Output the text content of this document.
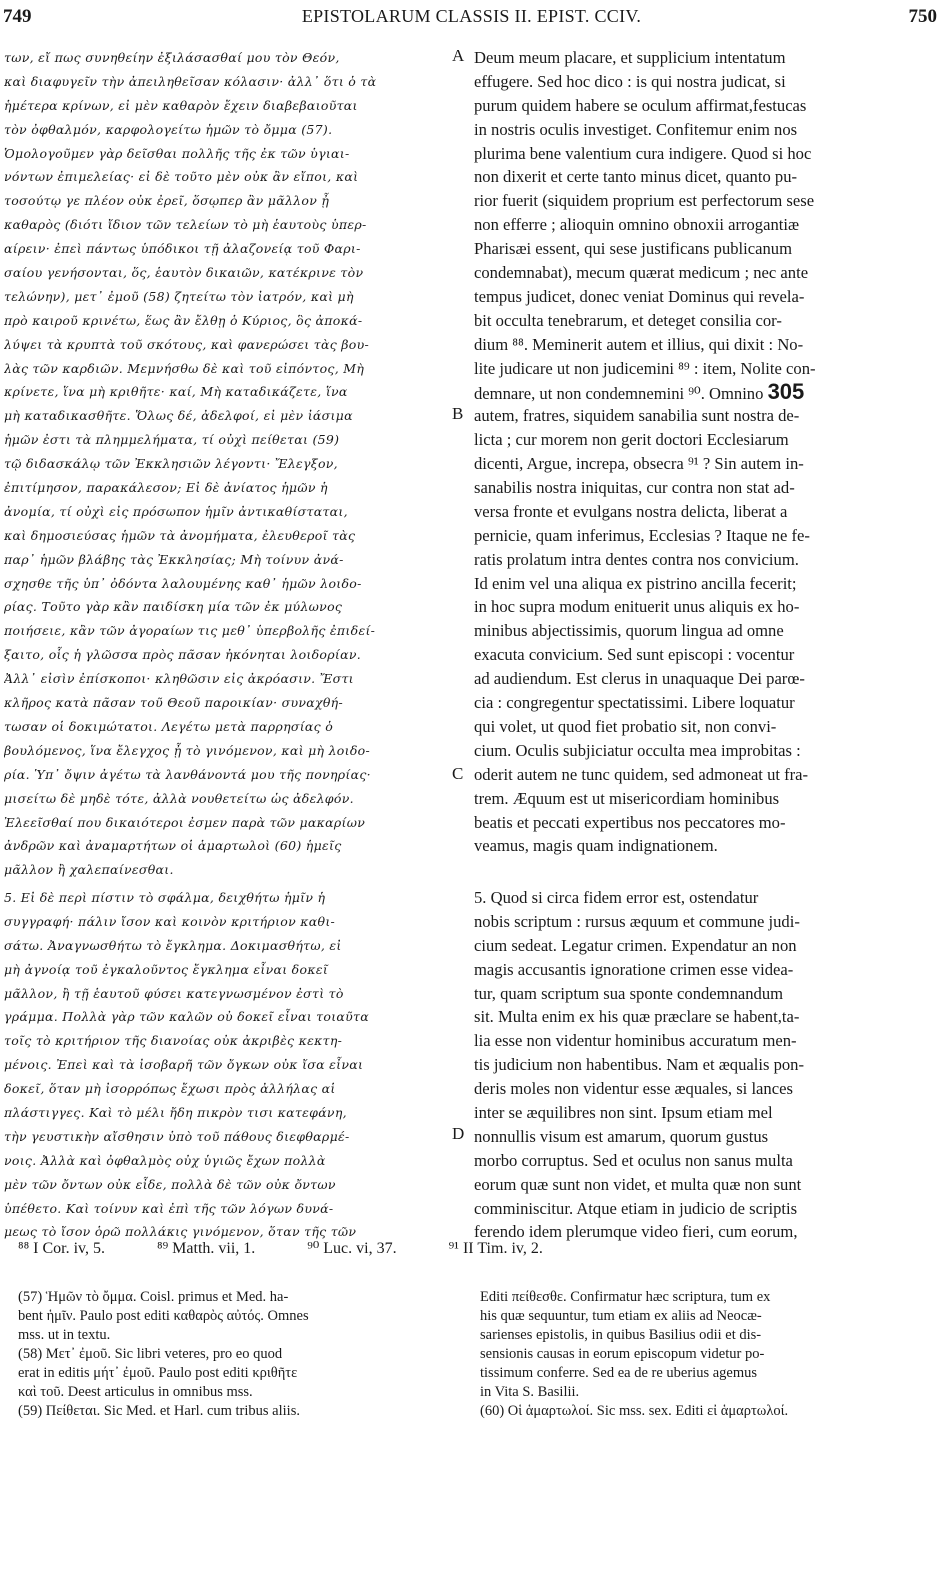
749	EPISTOLARUM CLASSIS II. EPIST. CCIV.	750
των, εἴ πως συνηθείην ἐξιλάσασθαί μου τὸν Θεόν,
καὶ διαφυγεῖν τὴν ἀπειληθεῖσαν κόλασιν· ἀλλ᾽ ὅτι ὁ τὰ
ἡμέτερα κρίνων, εἰ μὲν καθαρὸν ἔχειν διαβεβαιοῦται
τὸν ὀφθαλμόν, καρφολογείτω ἡμῶν τὸ ὄμμα (57).
Ὁμολογοῦμεν γὰρ δεῖσθαι πολλῆς τῆς ἐκ τῶν ὑγιαι-
νόντων ἐπιμελείας· εἰ δὲ τοῦτο μὲν οὐκ ἂν εἴποι, καὶ
τοσούτῳ γε πλέον οὐκ ἐρεῖ, ὅσῳπερ ἂν μᾶλλον ᾖ
καθαρὸς (διότι ἴδιον τῶν τελείων τὸ μὴ ἑαυτοὺς ὑπερ-
αίρειν· ἐπεὶ πάντως ὑπόδικοι τῇ ἀλαζονείᾳ τοῦ Φαρι-
σαίου γενήσονται, ὅς, ἑαυτὸν δικαιῶν, κατέκρινε τὸν
τελώνην), μετ᾽ ἐμοῦ (58) ζητείτω τὸν ἰατρόν, καὶ μὴ
πρὸ καιροῦ κρινέτω, ἕως ἂν ἔλθῃ ὁ Κύριος, ὃς ἀποκά-
λύψει τὰ κρυπτὰ τοῦ σκότους, καὶ φανερώσει τὰς βου-
λὰς τῶν καρδιῶν. Μεμνήσθω δὲ καὶ τοῦ εἰπόντος, Μὴ
κρίνετε, ἵνα μὴ κριθῆτε· καί, Μὴ καταδικάζετε, ἵνα
μὴ καταδικασθῆτε. Ὅλως δέ, ἀδελφοί, εἰ μὲν ἰάσιμα
ἡμῶν ἐστι τὰ πλημμελήματα, τί οὐχὶ πείθεται (59)
τῷ διδασκάλῳ τῶν Ἐκκλησιῶν λέγοντι· Ἔλεγξον,
ἐπιτίμησον, παρακάλεσον; Εἰ δὲ ἀνίατος ἡμῶν ἡ
ἀνομία, τί οὐχὶ εἰς πρόσωπον ἡμῖν ἀντικαθίσταται,
καὶ δημοσιεύσας ἡμῶν τὰ ἀνομήματα, ἐλευθεροῖ τὰς
παρ᾽ ἡμῶν βλάβης τὰς Ἐκκλησίας; Μὴ τοίνυν ἀνά-
σχησθε τῆς ὑπ᾽ ὀδόντα λαλουμένης καθ᾽ ἡμῶν λοιδο-
ρίας. Τοῦτο γὰρ κἂν παιδίσκη μία τῶν ἐκ μύλωνος
ποιήσειε, κἂν τῶν ἀγοραίων τις μεθ᾽ ὑπερβολῆς ἐπιδεί-
ξαιτο, οἷς ἡ γλῶσσα πρὸς πᾶσαν ἠκόνηται λοιδορίαν.
Ἀλλ᾽ εἰσὶν ἐπίσκοποι· κληθῶσιν εἰς ἀκρόασιν. Ἔστι
κλῆρος κατὰ πᾶσαν τοῦ Θεοῦ παροικίαν· συναχθή-
τωσαν οἱ δοκιμώτατοι. Λεγέτω μετὰ παρρησίας ὁ
βουλόμενος, ἵνα ἔλεγχος ᾖ τὸ γινόμενον, καὶ μὴ λοιδο-
ρία. Ὑπ᾽ ὄψιν ἀγέτω τὰ λανθάνοντά μου τῆς πονηρίας·
μισείτω δὲ μηδὲ τότε, ἀλλὰ νουθετείτω ὡς ἀδελφόν.
Ἐλεεῖσθαί που δικαιότεροι ἐσμεν παρὰ τῶν μακαρίων
ἀνδρῶν καὶ ἀναμαρτήτων οἱ ἁμαρτωλοὶ (60) ἡμεῖς
μᾶλλον ἢ χαλεπαίνεσθαι.
5. Εἰ δὲ περὶ πίστιν τὸ σφάλμα, δειχθήτω ἡμῖν ἡ
συγγραφή· πάλιν ἴσον καὶ κοινὸν κριτήριον καθι-
σάτω. Ἀναγνωσθήτω τὸ ἔγκλημα. Δοκιμασθήτω, εἰ
μὴ ἀγνοίᾳ τοῦ ἐγκαλοῦντος ἔγκλημα εἶναι δοκεῖ
μᾶλλον, ἢ τῇ ἑαυτοῦ φύσει κατεγνωσμένον ἐστὶ τὸ
γράμμα. Πολλὰ γὰρ τῶν καλῶν οὐ δοκεῖ εἶναι τοιαῦτα
τοῖς τὸ κριτήριον τῆς διανοίας οὐκ ἀκριβὲς κεκτη-
μένοις. Ἐπεὶ καὶ τὰ ἰσοβαρῆ τῶν ὄγκων οὐκ ἴσα εἶναι
δοκεῖ, ὅταν μὴ ἰσορρόπως ἔχωσι πρὸς ἀλλήλας αἱ
πλάστιγγες. Καὶ τὸ μέλι ἤδη πικρὸν τισι κατεφάνη,
τὴν γευστικὴν αἴσθησιν ὑπὸ τοῦ πάθους διεφθαρμέ-
νοις. Ἀλλὰ καὶ ὀφθαλμὸς οὐχ ὑγιῶς ἔχων πολλὰ
μὲν τῶν ὄντων οὐκ εἶδε, πολλὰ δὲ τῶν οὐκ ὄντων
ὑπέθετο. Καὶ τοίνυν καὶ ἐπὶ τῆς τῶν λόγων δυνά-
μεως τὸ ἴσον ὁρῶ πολλάκις γινόμενον, ὅταν τῆς τῶν
Deum meum placare, et supplicium intentatum
effugere. Sed hoc dico : is qui nostra judicat, si
purum quidem habere se oculum affirmat,festucas
in nostris oculis investiget. Confitemur enim nos
plurima bene valentium cura indigere. Quod si hoc
non dixerit et certe tanto minus dicet, quanto pu-
rior fuerit (siquidem proprium est perfectorum sese
non efferre ; alioquin omnino obnoxii arrogantiæ
Pharisæi essent, qui sese justificans publicanum
condemnabat), mecum quærat medicum ; nec ante
tempus judicet, donec veniat Dominus qui revela-
bit occulta tenebrarum, et deteget consilia cor-
dium ⁸⁸. Meminerit autem et illius, qui dixit : No-
lite judicare ut non judicemini ⁸⁹ : item, Nolite con-
demnare, ut non condemnemini ⁹⁰. Omnino 305
autem, fratres, siquidem sanabilia sunt nostra de-
licta ; cur morem non gerit doctori Ecclesiarum
dicenti, Argue, increpa, obsecra ⁹¹ ? Sin autem in-
sanabilis nostra iniquitas, cur contra non stat ad-
versa fronte et evulgans nostra delicta, liberat a
pernicie, quam inferimus, Ecclesias ? Itaque ne fe-
ratis prolatum intra dentes contra nos convicium.
Id enim vel una aliqua ex pistrino ancilla fecerit;
in hoc supra modum enituerit unus aliquis ex ho-
minibus abjectissimis, quorum lingua ad omne
exacuta convicium. Sed sunt episcopi : vocentur
ad audiendum. Est clerus in unaquaque Dei parœ-
cia : congregentur spectatissimi. Libere loquatur
qui volet, ut quod fiet probatio sit, non convi-
cium. Oculis subjiciatur occulta mea improbitas :
oderit autem ne tunc quidem, sed admoneat ut fra-
trem. Æquum est ut misericordiam hominibus
beatis et peccati expertibus nos peccatores mo-
veamus, magis quam indignationem.
5. Quod si circa fidem error est, ostendatur
nobis scriptum : rursus æquum et commune judi-
cium sedeat. Legatur crimen. Expendatur an non
magis accusantis ignoratione crimen esse videa-
tur, quam scriptum sua sponte condemnandum
sit. Multa enim ex his quæ præclare se habent,ta-
lia esse non videntur hominibus accuratum men-
tis judicium non habentibus. Nam et æqualis pon-
deris moles non videntur esse æquales, si lances
inter se æquilibres non sint. Ipsum etiam mel
nonnullis visum est amarum, quorum gustus
morbo corruptus. Sed et oculus non sanus multa
eorum quæ sunt non videt, et multa quæ non sunt
comminiscitur. Atque etiam in judicio de scriptis
ferendo idem plerumque video fieri, cum eorum,
A
B
C
D
⁸⁸ I Cor. iv, 5.	⁸⁹ Matth. vii, 1.	⁹⁰ Luc. vi, 37.	⁹¹ II Tim. iv, 2.
(57) Ἡμῶν τὸ ὄμμα. Coisl. primus et Med. ha-
bent ἡμῖν. Paulo post editi καθαρὸς αὐτός. Omnes
mss. ut in textu.
(58) Μετ᾽ ἐμοῦ. Sic libri veteres, pro eo quod
erat in editis μήτ᾽ ἐμοῦ. Paulo post editi κριθῆτε
καὶ τοῦ. Deest articulus in omnibus mss.
(59) Πείθεται. Sic Med. et Harl. cum tribus aliis.
Editi πείθεσθε. Confirmatur hæc scriptura, tum ex
his quæ sequuntur, tum etiam ex aliis ad Neocæ-
sarienses epistolis, in quibus Basilius odii et dis-
sensionis causas in eorum episcopum videtur po-
tissimum conferre. Sed ea de re uberius agemus
in Vita S. Basilii.
(60) Οἱ ἁμαρτωλοί. Sic mss. sex. Editi εἰ ἁμαρτωλοί.
